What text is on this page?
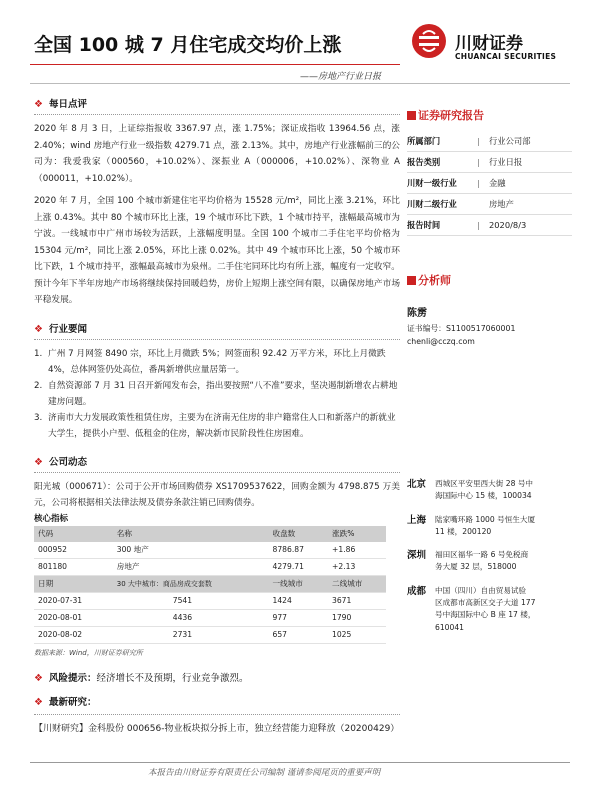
全国 100 城 7 月住宅成交均价上涨	川财证券
CHUANCAI SECURITIES
——房地产行业日报
❖ 每日点评
2020 年 8 月 3 日，上证综指报收 3367.97 点，涨 1.75%；深证成指收 13964.56 点，涨 2.40%；wind 房地产行业一级指数 4279.71 点，涨 2.13%。其中，房地产行业涨幅前三的公司为：我爱我家（000560，+10.02%）、深振业 A（000006，+10.02%）、深物业 A（000011，+10.02%）。
2020 年 7 月，全国 100 个城市新建住宅平均价格为 15528 元/m²，同比上涨 3.21%，环比上涨 0.43%。其中 80 个城市环比上涨，19 个城市环比下跌，1 个城市持平，涨幅最高城市为宁波。一线城市中广州市场较为活跃，上涨幅度明显。全国 100 个城市二手住宅平均价格为 15304 元/m²，同比上涨 2.05%，环比上涨 0.02%。其中 49 个城市环比上涨，50 个城市环比下跌，1 个城市持平，涨幅最高城市为泉州。二手住宅同环比均有所上涨，幅度有一定收窄。预计今年下半年房地产市场将继续保持回暖趋势，房价上短期上涨空间有限，以确保房地产市场平稳发展。
❖ 行业要闻
1. 广州 7 月网签 8490 宗，环比上月微跌 5%；网签面积 92.42 万平方米，环比上月微跌 4%，总体网签仍处高位，番禺新增供应量居第一。
2. 自然资源部 7 月 31 日召开新闻发布会，指出要按照“八不准”要求，坚决遏制新增农占耕地建房问题。
3. 济南市大力发展政策性租赁住房，主要为在济南无住房的非户籍常住人口和新落户的新就业大学生，提供小户型、低租金的住房，解决新市民阶段性住房困难。
❖ 公司动态
阳光城（000671）：公司于公开市场回购债券 XS1709537622，回购金额为 4798.875 万美元，公司将根据相关法律法规及债券条款注销已回购债券。
核心指标
代码	名称	收盘数	涨跌%
000952	300 地产	8786.87	+1.86
801180	房地产	4279.71	+2.13
日期	30 大中城市：商品房成交套数	一线城市	二线城市
2020-07-31	7541	1424	3671
2020-08-01	4436	977	1790
2020-08-02	2731	657	1025
数据来源：Wind，川财证券研究所
❖ 风险提示：经济增长不及预期，行业竞争激烈。
❖ 最新研究：
【川财研究】金科股份 000656-物业板块拟分拆上市，独立经营能力迎释放（20200429）
证券研究报告
所属部门	|	行业公司部
报告类别	|	行业日报
川财一级行业	|	金融
川财二级行业	房地产
报告时间	|	2020/8/3
分析师
陈雳
证书编号：S1100517060001
chenli@cczq.com
北京	西城区平安里西大街 28 号中
海国际中心 15 楼，100034
上海	陆家嘴环路 1000 号恒生大厦
11 楼，200120
深圳	福田区福华一路 6 号免税商
务大厦 32 层，518000
成都	中国（四川）自由贸易试验
区成都市高新区交子大道 177
号中海国际中心 B 座 17 楼，
610041
本报告由川财证券有限责任公司编制 谨请参阅尾页的重要声明
